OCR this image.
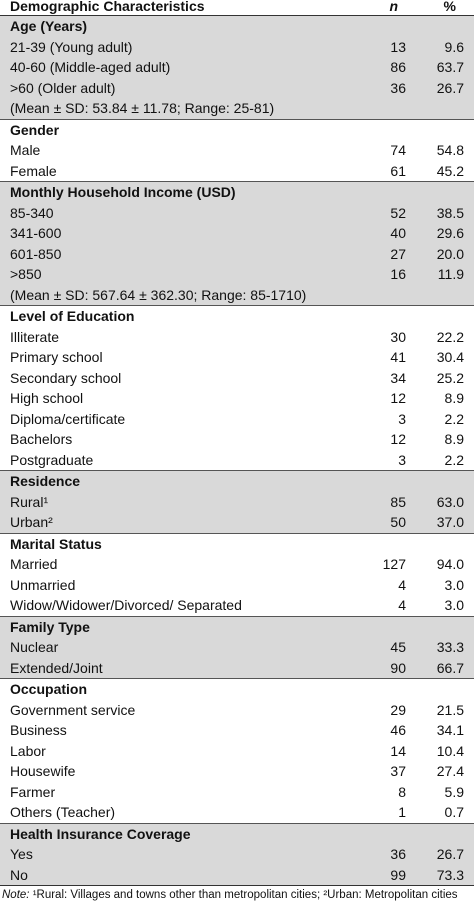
Demographic Characteristics	n	%
Age (Years)
21-39 (Young adult)	13	9.6
40-60 (Middle-aged adult)	86	63.7
>60 (Older adult)	36	26.7
(Mean ± SD: 53.84 ± 11.78; Range: 25-81)
Gender
Male	74	54.8
Female	61	45.2
Monthly Household Income (USD)
85-340	52	38.5
341-600	40	29.6
601-850	27	20.0
>850	16	11.9
(Mean ± SD: 567.64 ± 362.30; Range: 85-1710)
Level of Education
Illiterate	30	22.2
Primary school	41	30.4
Secondary school	34	25.2
High school	12	8.9
Diploma/certificate	3	2.2
Bachelors	12	8.9
Postgraduate	3	2.2
Residence
Rural¹	85	63.0
Urban²	50	37.0
Marital Status
Married	127	94.0
Unmarried	4	3.0
Widow/Widower/Divorced/ Separated	4	3.0
Family Type
Nuclear	45	33.3
Extended/Joint	90	66.7
Occupation
Government service	29	21.5
Business	46	34.1
Labor	14	10.4
Housewife	37	27.4
Farmer	8	5.9
Others (Teacher)	1	0.7
Health Insurance Coverage
Yes	36	26.7
No	99	73.3
Note: ¹Rural: Villages and towns other than metropolitan cities; ²Urban: Metropolitan cities
